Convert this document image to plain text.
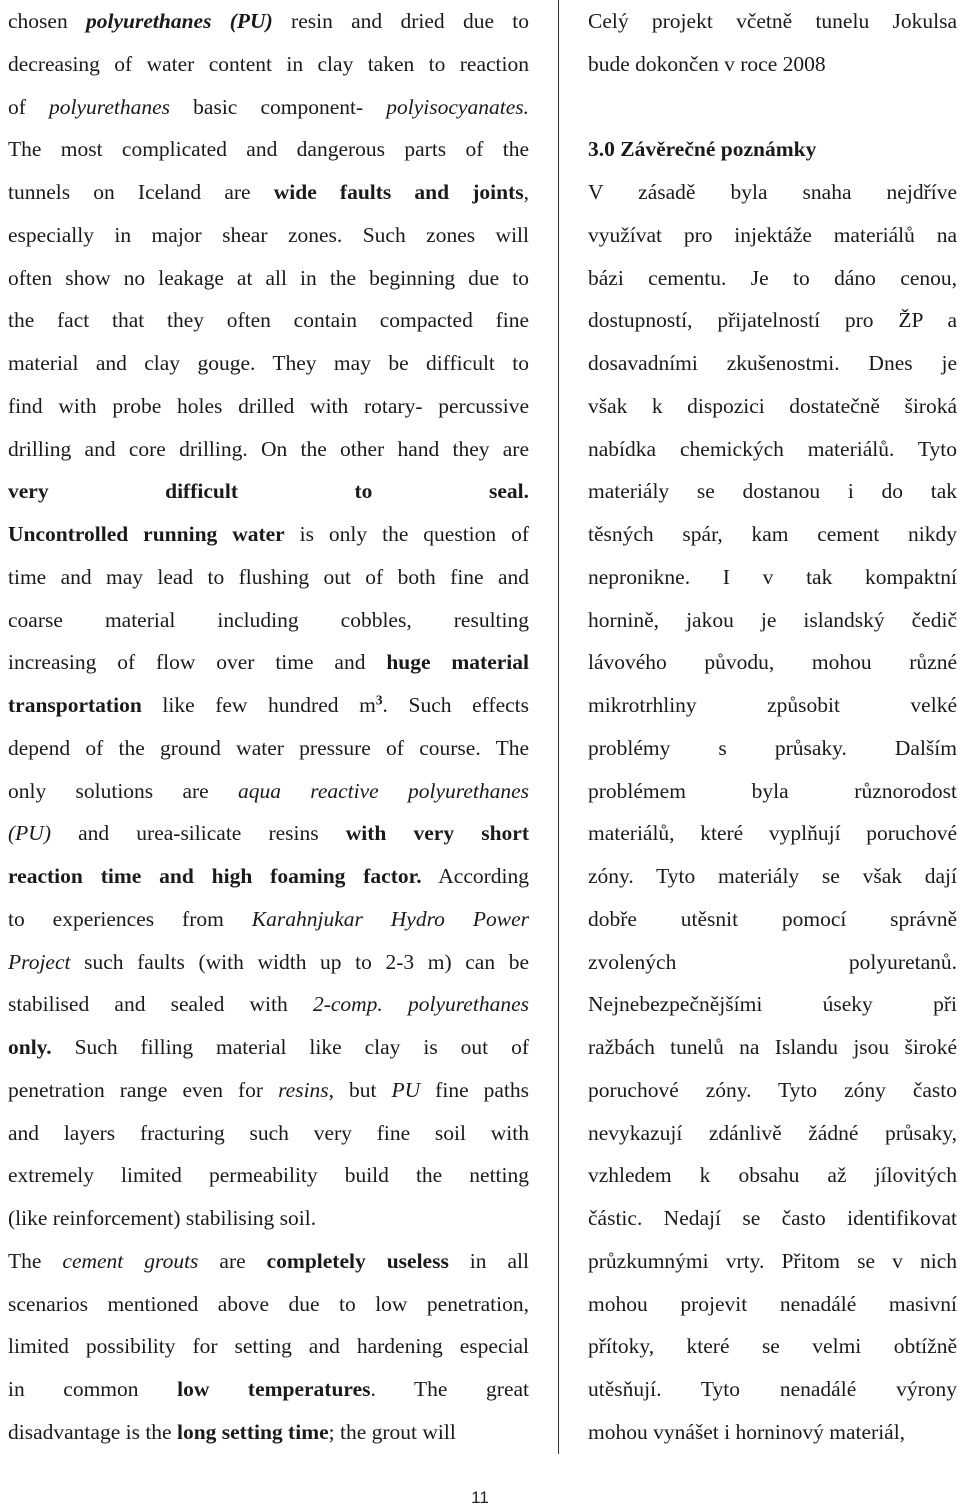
chosen polyurethanes (PU) resin and dried due to
decreasing of water content in clay taken to reaction
of polyurethanes basic component- polyisocyanates.
The most complicated and dangerous parts of the
tunnels on Iceland are wide faults and joints,
especially in major shear zones. Such zones will
often show no leakage at all in the beginning due to
the fact that they often contain compacted fine
material and clay gouge. They may be difficult to
find with probe holes drilled with rotary- percussive
drilling and core drilling. On the other hand they are
very difficult to seal.
Uncontrolled running water is only the question of
time and may lead to flushing out of both fine and
coarse material including cobbles, resulting
increasing of flow over time and huge material
transportation like few hundred $m^3$. Such effects
depend of the ground water pressure of course. The
only solutions are aqua reactive polyurethanes
(PU) and urea-silicate resins with very short
reaction time and high foaming factor. According
to experiences from Karahnjukar Hydro Power
Project such faults (with width up to 2-3 m) can be
stabilised and sealed with 2-comp. polyurethanes
only. Such filling material like clay is out of
penetration range even for resins, but PU fine paths
and layers fracturing such very fine soil with
extremely limited permeability build the netting
(like reinforcement) stabilising soil.
The cement grouts are completely useless in all
scenarios mentioned above due to low penetration,
limited possibility for setting and hardening especial
in common low temperatures. The great
disadvantage is the long setting time; the grout will
Celý projekt včetně tunelu Jokulsa
bude dokončen v roce 2008
3.0 Závěrečné poznámky
V zásadě byla snaha nejdříve
využívat pro injektáže materiálů na
bázi cementu. Je to dáno cenou,
dostupností, přijatelností pro ŽP a
dosavadními zkušenostmi. Dnes je
však k dispozici dostatečně široká
nabídka chemických materiálů. Tyto
materiály se dostanou i do tak
těsných spár, kam cement nikdy
nepronikne. I v tak kompaktní
hornině, jakou je islandský čedič
lávového původu, mohou různé
mikrotrhliny způsobit velké
problémy s průsaky. Dalším
problémem byla různorodost
materiálů, které vyplňují poruchové
zóny. Tyto materiály se však dají
dobře utěsnit pomocí správně
zvolených polyuretanů.
Nejnebezpečnějšími úseky při
ražbách tunelů na Islandu jsou široké
poruchové zóny. Tyto zóny často
nevykazují zdánlivě žádné průsaky,
vzhledem k obsahu až jílovitých
částic. Nedají se často identifikovat
průzkumnými vrty. Přitom se v nich
mohou projevit nenadálé masivní
přítoky, které se velmi obtížně
utěsňují. Tyto nenadálé výrony
mohou vynášet i horninový materiál,
11
